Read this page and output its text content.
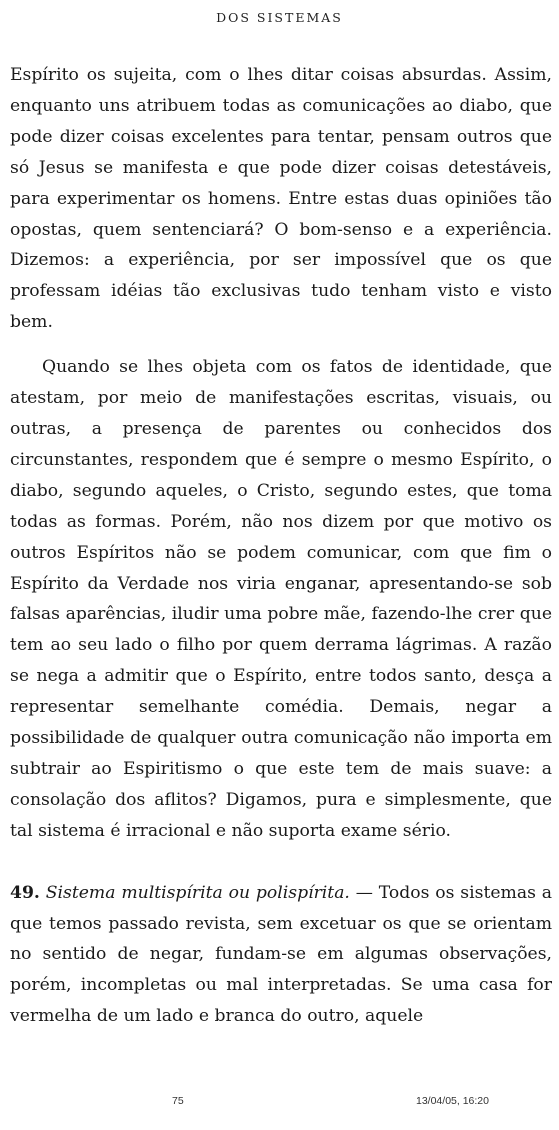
DOS SISTEMAS

Espírito os sujeita, com o lhes ditar coisas absurdas. Assim, enquanto uns atribuem todas as comunicações ao diabo, que pode dizer coisas excelentes para tentar, pensam outros que só Jesus se manifesta e que pode dizer coisas detestáveis, para experimentar os homens. Entre estas duas opiniões tão opostas, quem sentenciará? O bom-senso e a experiência. Dizemos: a experiência, por ser impossível que os que professam idéias tão exclusivas tudo tenham visto e visto bem.

Quando se lhes objeta com os fatos de identidade, que atestam, por meio de manifestações escritas, visuais, ou outras, a presença de parentes ou conhecidos dos circunstantes, respondem que é sempre o mesmo Espírito, o diabo, segundo aqueles, o Cristo, segundo estes, que toma todas as formas. Porém, não nos dizem por que motivo os outros Espíritos não se podem comunicar, com que fim o Espírito da Verdade nos viria enganar, apresentando-se sob falsas aparências, iludir uma pobre mãe, fazendo-lhe crer que tem ao seu lado o filho por quem derrama lágrimas. A razão se nega a admitir que o Espírito, entre todos santo, desça a representar semelhante comédia. Demais, negar a possibilidade de qualquer outra comunicação não importa em subtrair ao Espiritismo o que este tem de mais suave: a consolação dos aflitos? Digamos, pura e simplesmente, que tal sistema é irracional e não suporta exame sério.

49. Sistema multispírita ou polispírita. — Todos os sistemas a que temos passado revista, sem excetuar os que se orientam no sentido de negar, fundam-se em algumas observações, porém, incompletas ou mal interpretadas. Se uma casa for vermelha de um lado e branca do outro, aquele

75	13/04/05, 16:20
